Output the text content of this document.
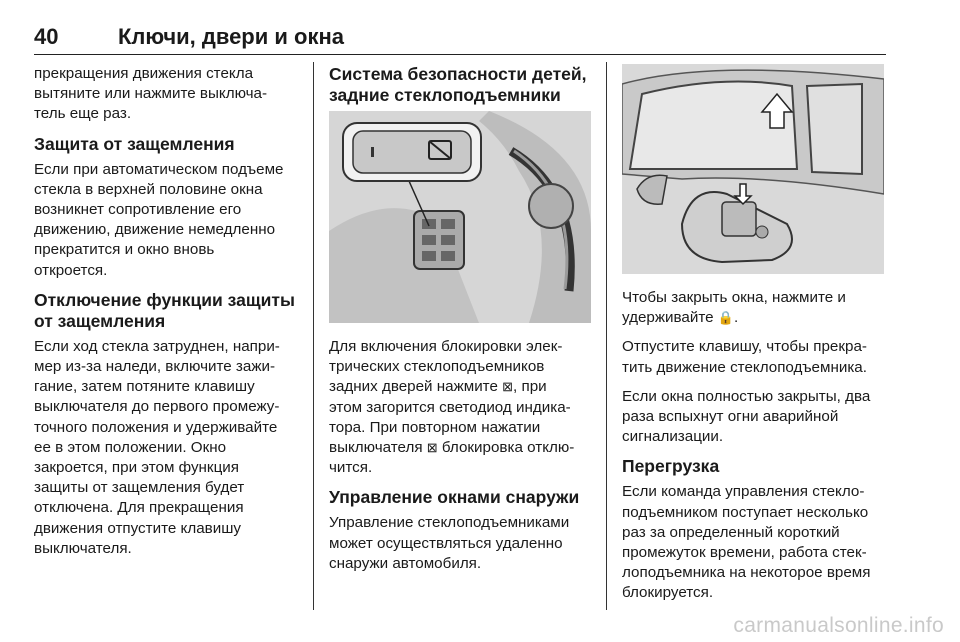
40	Ключи, двери и окна

прекращения движения стекла
вытяните или нажмите выключа-
тель еще раз.

Защита от защемления

Если при автоматическом подъеме
стекла в верхней половине окна
возникнет сопротивление его
движению, движение немедленно
прекратится и окно вновь
откроется.

Отключение функции защиты
от защемления

Если ход стекла затруднен, напри-
мер из-за наледи, включите зажи-
гание, затем потяните клавишу
выключателя до первого промежу-
точного положения и удерживайте
ее в этом положении. Окно
закроется, при этом функция
защиты от защемления будет
отключена. Для прекращения
движения отпустите клавишу
выключателя.

Система безопасности детей,
задние стеклоподъемники

Для включения блокировки элек-
трических стеклоподъемников
задних дверей нажмите ⊠, при
этом загорится светодиод индика-
тора. При повторном нажатии
выключателя ⊠ блокировка отклю-
чится.

Управление окнами снаружи

Управление стеклоподъемниками
может осуществляться удаленно
снаружи автомобиля.

Чтобы закрыть окна, нажмите и
удерживайте 🔒.

Отпустите клавишу, чтобы прекра-
тить движение стеклоподъемника.

Если окна полностью закрыты, два
раза вспыхнут огни аварийной
сигнализации.

Перегрузка

Если команда управления стекло-
подъемником поступает несколько
раз за определенный короткий
промежуток времени, работа стек-
лоподъемника на некоторое время
блокируется.

carmanualsonline.info
